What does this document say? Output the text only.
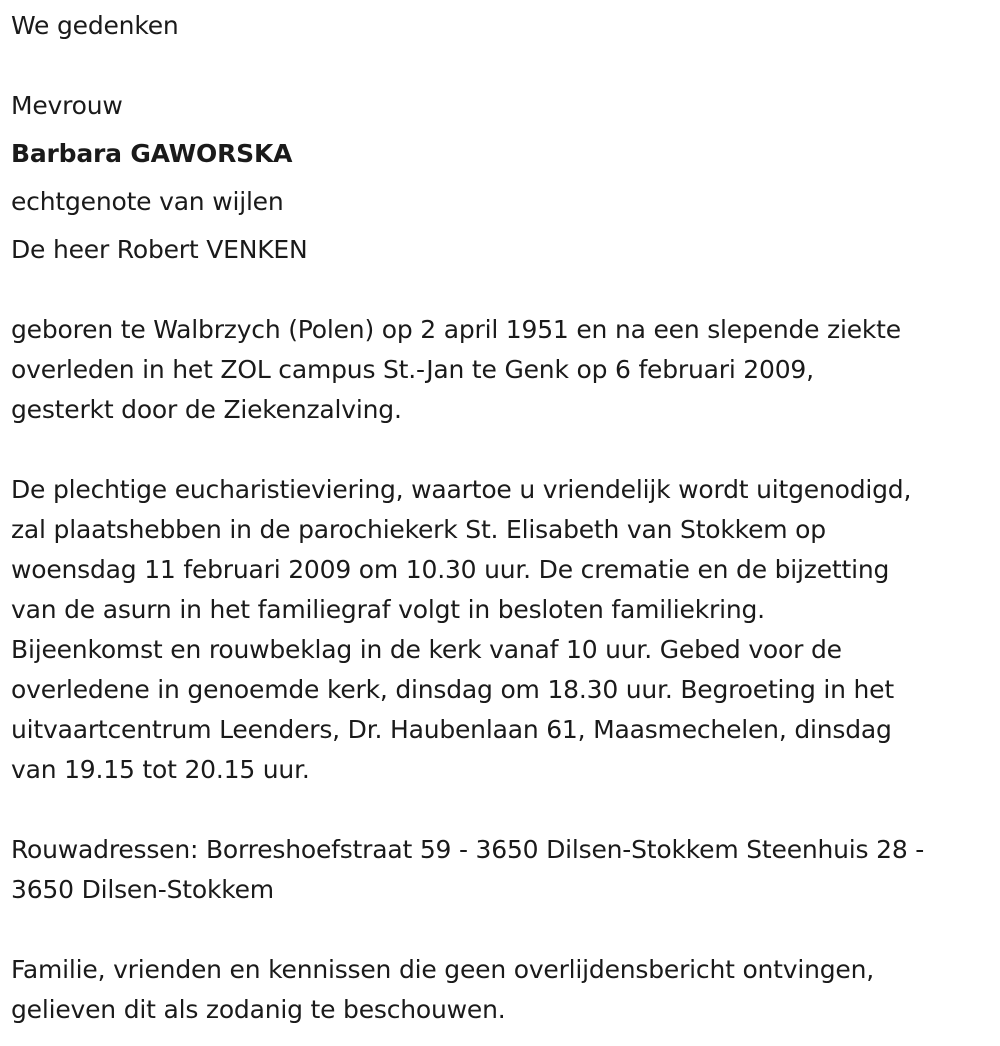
We gedenken
Mevrouw
Barbara GAWORSKA
echtgenote van wijlen
De heer Robert VENKEN
geboren te Walbrzych (Polen) op 2 april 1951 en na een slepende ziekte
overleden in het ZOL campus St.-Jan te Genk op 6 februari 2009,
gesterkt door de Ziekenzalving.
De plechtige eucharistieviering, waartoe u vriendelijk wordt uitgenodigd,
zal plaatshebben in de parochiekerk St. Elisabeth van Stokkem op
woensdag 11 februari 2009 om 10.30 uur. De crematie en de bijzetting
van de asurn in het familiegraf volgt in besloten familiekring.
Bijeenkomst en rouwbeklag in de kerk vanaf 10 uur. Gebed voor de
overledene in genoemde kerk, dinsdag om 18.30 uur. Begroeting in het
uitvaartcentrum Leenders, Dr. Haubenlaan 61, Maasmechelen, dinsdag
van 19.15 tot 20.15 uur.
Rouwadressen: Borreshoefstraat 59 - 3650 Dilsen-Stokkem Steenhuis 28 -
3650 Dilsen-Stokkem
Familie, vrienden en kennissen die geen overlijdensbericht ontvingen,
gelieven dit als zodanig te beschouwen.
